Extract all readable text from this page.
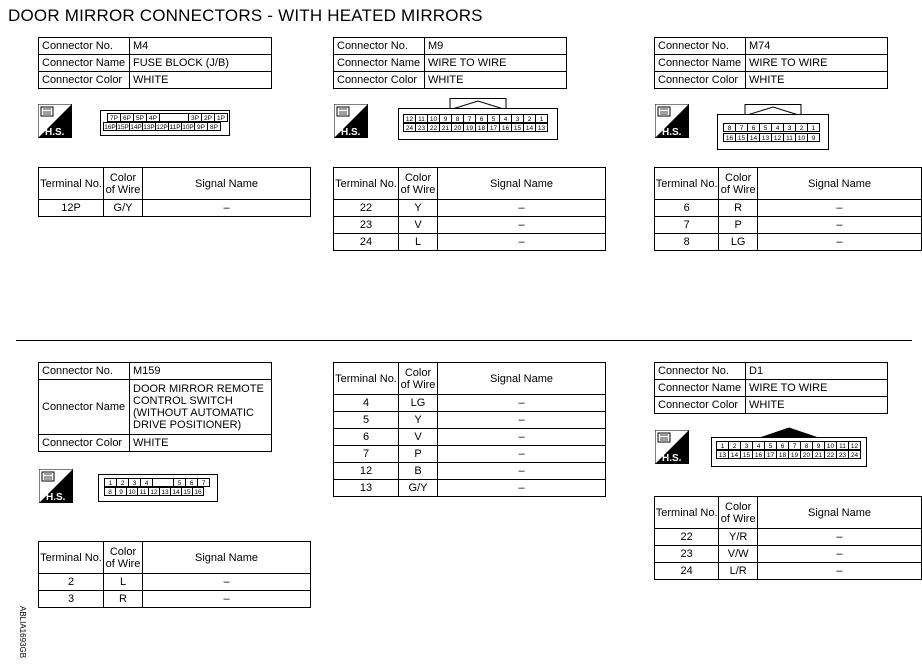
DOOR MIRROR CONNECTORS - WITH HEATED MIRRORS
Connector No.	M4
Connector Name	FUSE BLOCK (J/B)
Connector Color	WHITE
H.S.
7P 6P 5P 4P	3P 2P 1P
16P 15P 14P 13P 12P 11P 10P 9P 8P
Terminal No.	Color of Wire	Signal Name
12P	G/Y	–
Connector No.	M9
Connector Name	WIRE TO WIRE
Connector Color	WHITE
H.S.
12 11 10	9	8	7	6	5	4	3	2	1
24 23 22 21 20 19 18 17 16 15 14 13
Terminal No.	Color of Wire	Signal Name
22	Y	–
23	V	–
24	L	–
Connector No.	M74
Connector Name	WIRE TO WIRE
Connector Color	WHITE
H.S.	8	7	6	5	4	3	2	1
16 15 14 13 12 11 10	9
Terminal No.	Color of Wire	Signal Name
6	R	–
7	P	–
8	LG	–
Connector No.	M159
Connector Name	DOOR MIRROR REMOTE
CONTROL SWITCH
(WITHOUT AUTOMATIC
DRIVE POSITIONER)

Connector Color	WHITE
H.S.
1	2	3	4	5	6	7
8	9 10 11 12 13 14 15 16
Terminal No.	Color of Wire	Signal Name
2	L	–
3	R	–
Terminal No.	Color of Wire	Signal Name
4	LG	–
5	Y	–
6	V	–
7	P	–
12	B	–
13	G/Y	–
Connector No.	D1
Connector Name	WIRE TO WIRE
Connector Color	WHITE
H.S.
1	2	3	4	5	6	7	8	9	10 11 12
13 14 15 16 17 18 19 20 21 22 23 24
Terminal No.	Color of Wire	Signal Name
22	Y/R	–
23	V/W	–
24	L/R	–
ABLIA1693GB
